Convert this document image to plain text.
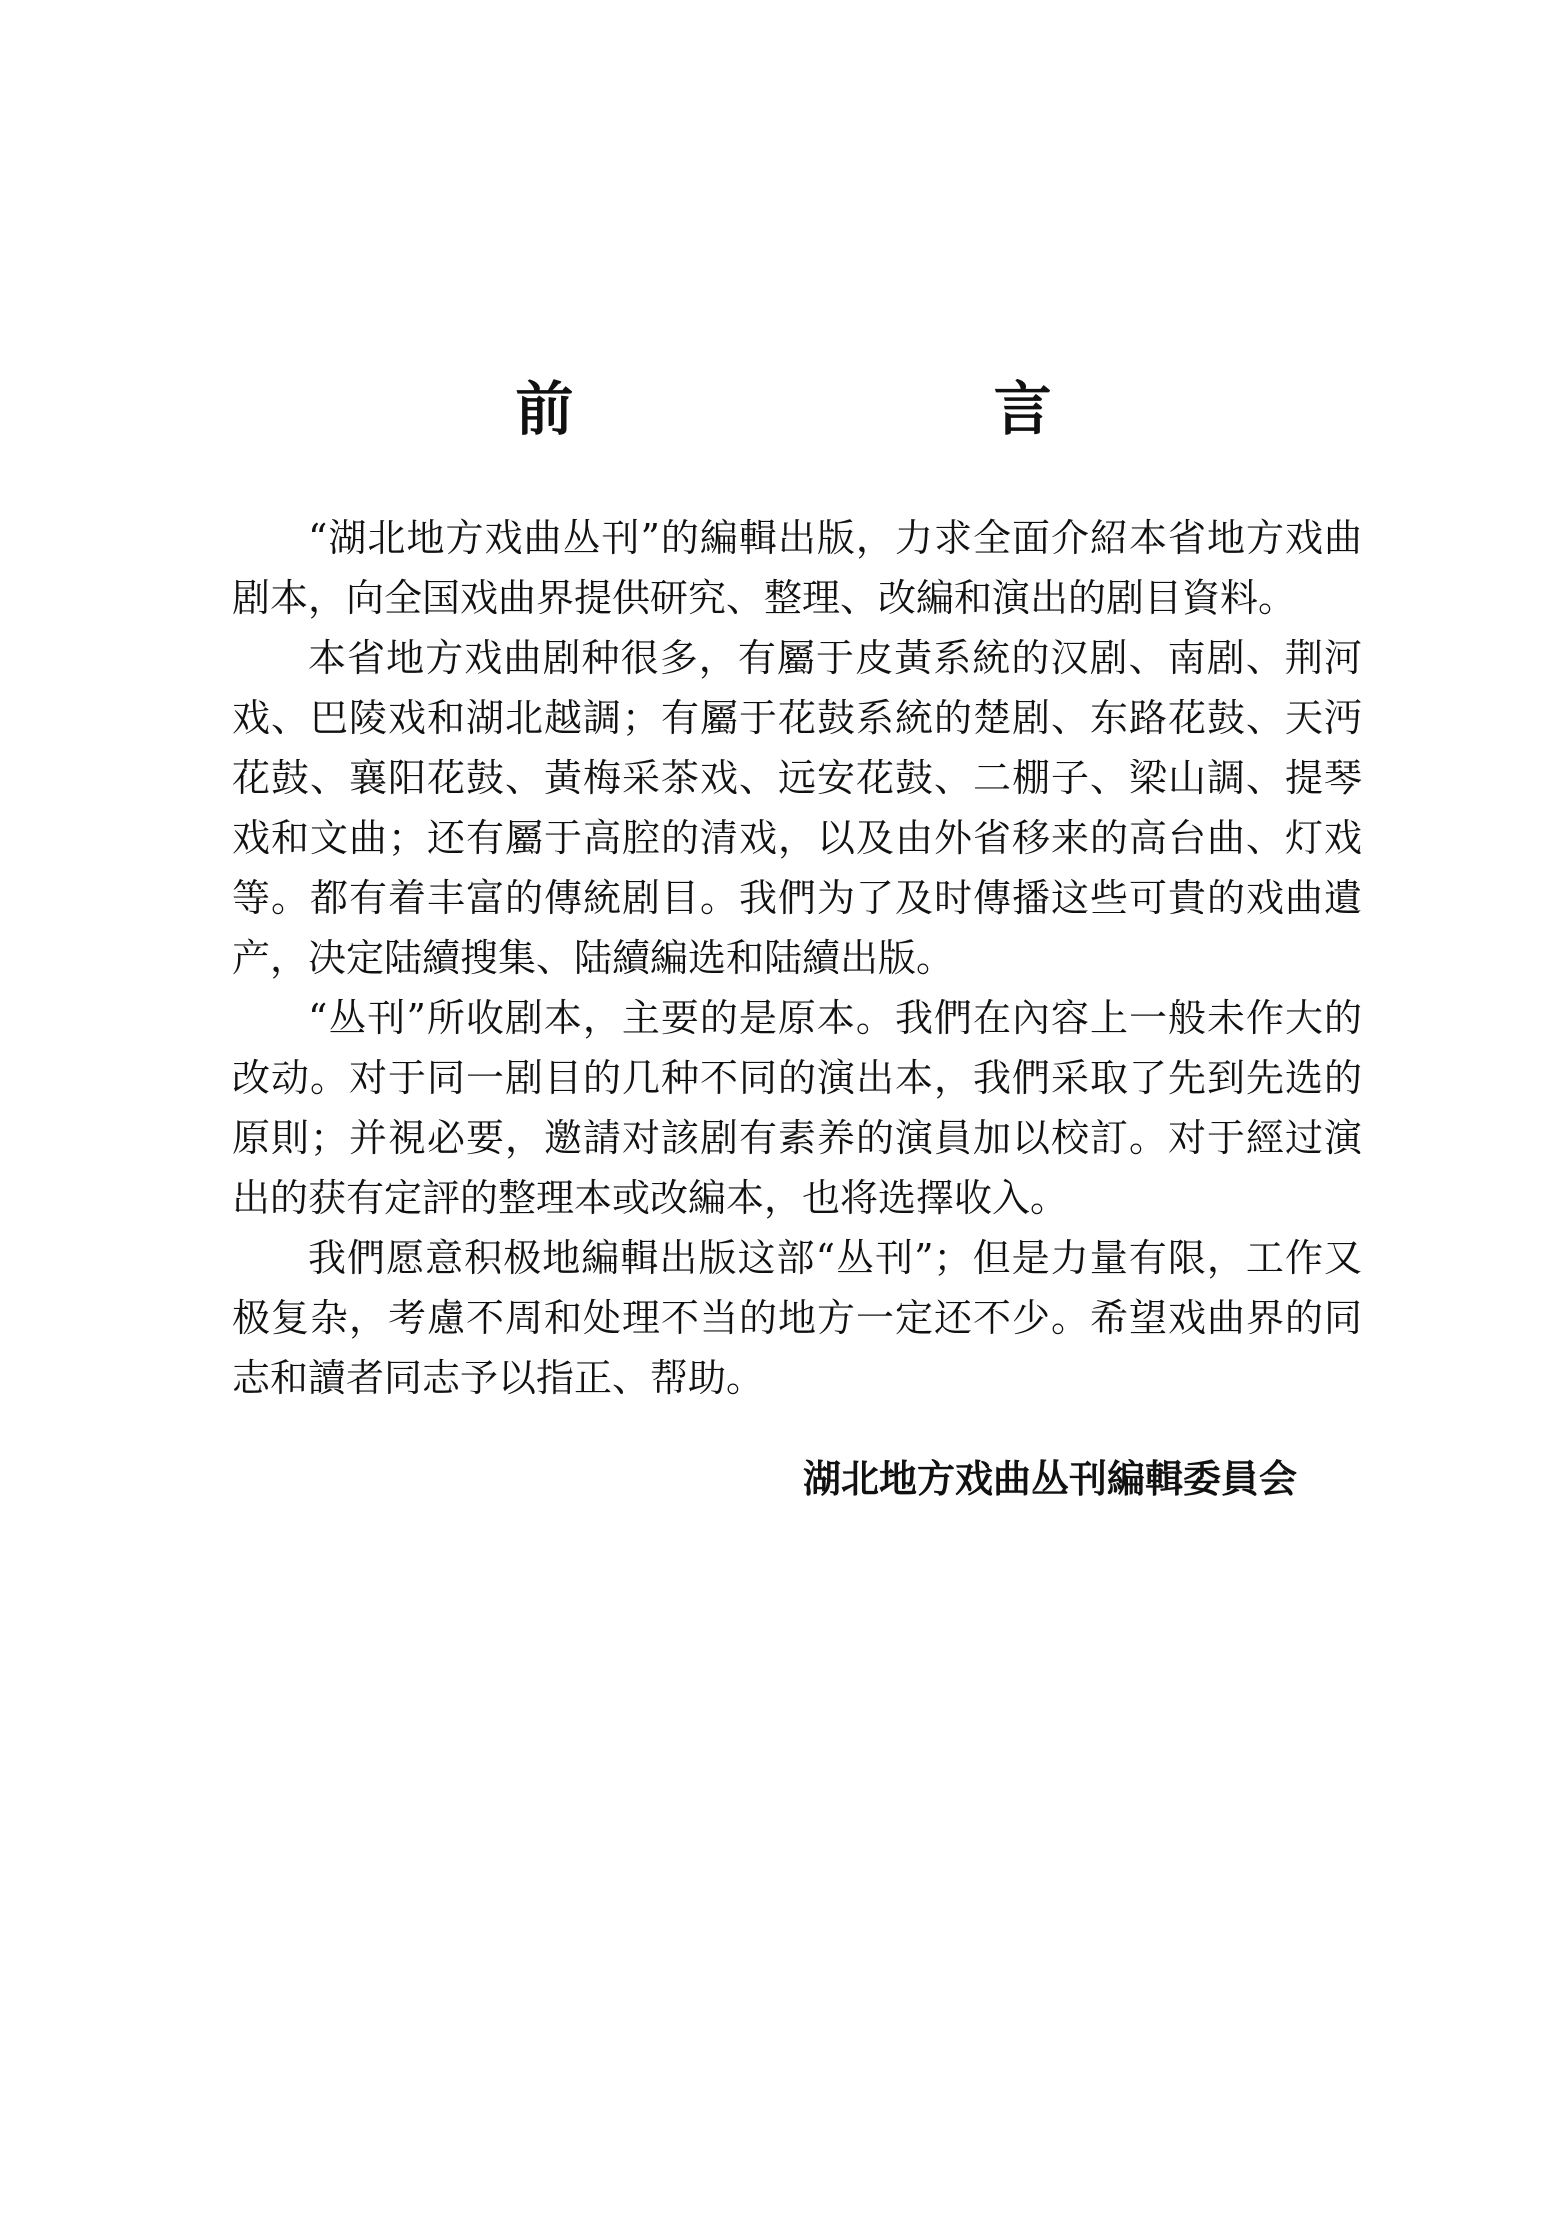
前 言

“湖北地方戏曲丛刊”的編輯出版，力求全面介紹本省地方戏曲剧本，向全国戏曲界提供研究、整理、改編和演出的剧目資料。

本省地方戏曲剧种很多，有屬于皮黃系統的汉剧、南剧、荆河戏、巴陵戏和湖北越調；有屬于花鼓系統的楚剧、东路花鼓、天沔花鼓、襄阳花鼓、黃梅采茶戏、远安花鼓、二棚子、梁山調、提琴戏和文曲；还有屬于高腔的清戏，以及由外省移来的高台曲、灯戏等。都有着丰富的傳統剧目。我們为了及时傳播这些可貴的戏曲遺产，决定陆續搜集、陆續編选和陆續出版。

“丛刊”所收剧本，主要的是原本。我們在內容上一般未作大的改动。对于同一剧目的几种不同的演出本，我們采取了先到先选的原則；并視必要，邀請对該剧有素养的演員加以校訂。对于經过演出的获有定評的整理本或改編本，也将选擇收入。

我們愿意积极地編輯出版这部“丛刊”；但是力量有限，工作又极复杂，考慮不周和处理不当的地方一定还不少。希望戏曲界的同志和讀者同志予以指正、帮助。

湖北地方戏曲丛刊編輯委員会
